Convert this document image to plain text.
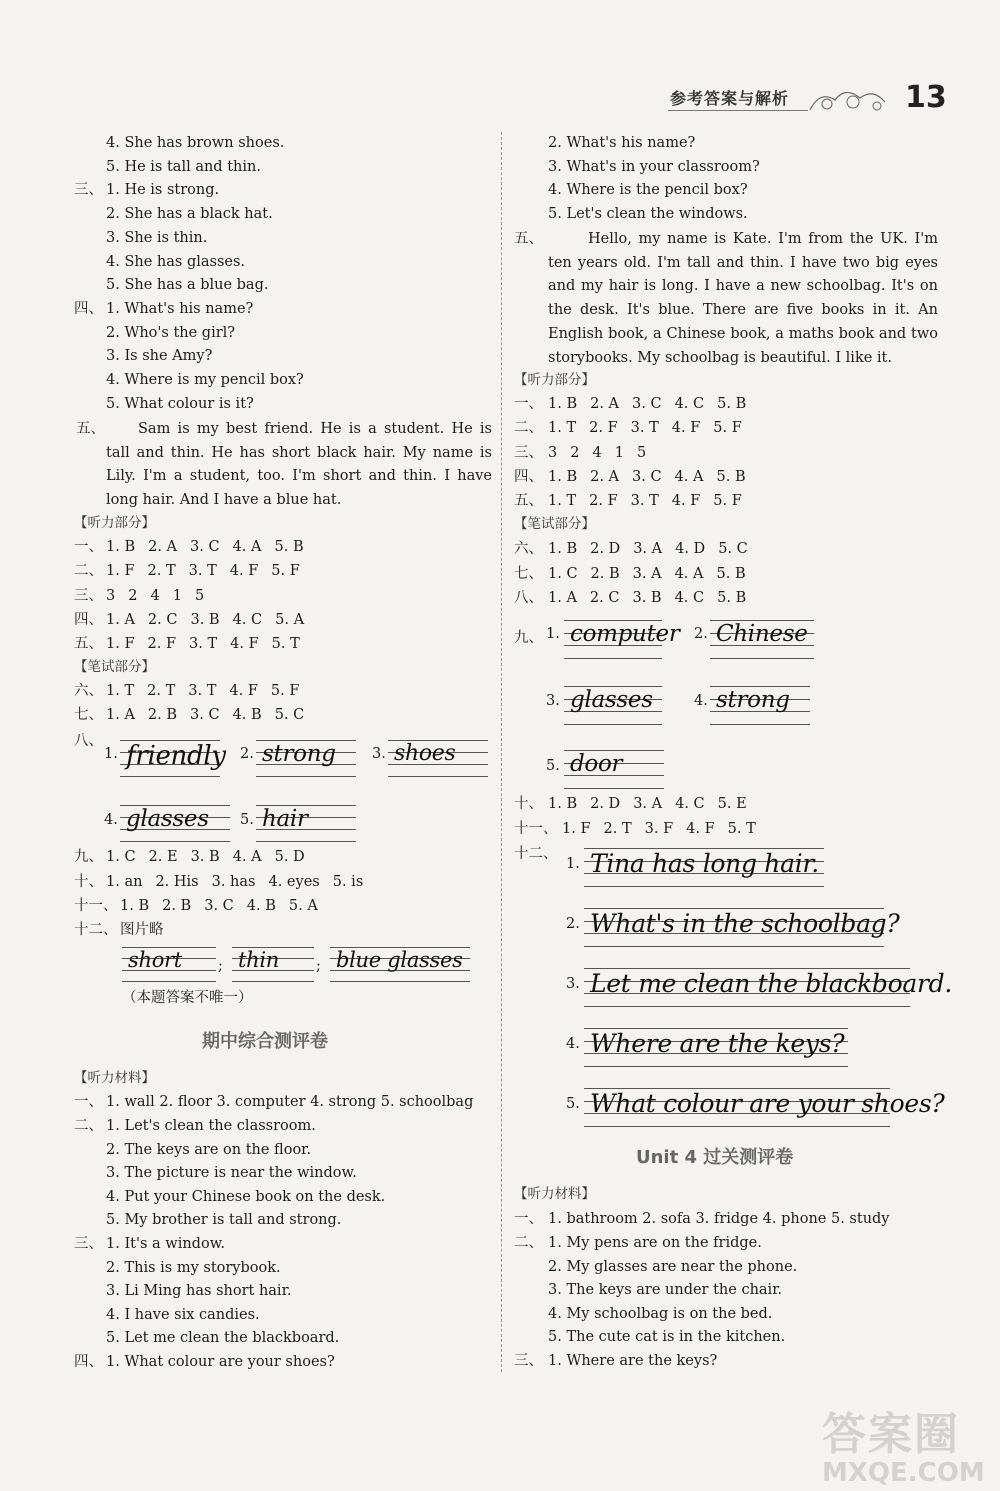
参考答案与解析	13
4. She has brown shoes.
5. He is tall and thin.
三、 1. He is strong.
2. She has a black hat.
3. She is thin.
4. She has glasses.
5. She has a blue bag.
四、 1. What's his name?
2. Who's the girl?
3. Is she Amy?
4. Where is my pencil box?
5. What colour is it?
五、	Sam is my best friend. He is a student. He is tall and thin. He has short black hair. My name is Lily. I'm a student, too. I'm short and thin. I have long hair. And I have a blue hat.
【听力部分】
一、 1. B 2. A 3. C 4. A 5. B
二、 1. F 2. T 3. T 4. F 5. F
三、 3 2 4 1 5
四、 1. A 2. C 3. B 4. C 5. A
五、 1. F 2. F 3. T 4. F 5. T
【笔试部分】
六、 1. T 2. T 3. T 4. F 5. F
七、 1. A 2. B 3. C 4. B 5. C
八、
1. friendly 2. strong	3. shoes
4. glasses	5. hair
九、 1. C 2. E 3. B 4. A 5. D
十、 1. an 2. His 3. has 4. eyes 5. is
十一、 1. B 2. B 3. C 4. B 5. A
十二、 图片略
short	; thin	; blue glasses
（本题答案不唯一）
期中综合测评卷
【听力材料】
一、 1. wall 2. floor 3. computer 4. strong 5. schoolbag
二、 1. Let's clean the classroom.
2. The keys are on the floor.
3. The picture is near the window.
4. Put your Chinese book on the desk.
5. My brother is tall and strong.
三、 1. It's a window.
2. This is my storybook.
3. Li Ming has short hair.
4. I have six candies.
5. Let me clean the blackboard.
四、 1. What colour are your shoes?
2. What's his name?
3. What's in your classroom?
4. Where is the pencil box?
5. Let's clean the windows.
五、	Hello, my name is Kate. I'm from the UK. I'm ten years old. I'm tall and thin. I have two big eyes and my hair is long. I have a new schoolbag. It's on the desk. It's blue. There are five books in it. An English book, a Chinese book, a maths book and two storybooks. My schoolbag is beautiful. I like it.
【听力部分】
一、 1. B 2. A 3. C 4. C 5. B
二、 1. T 2. F 3. T 4. F 5. F
三、 3 2 4 1 5
四、 1. B 2. A 3. C 4. A 5. B
五、 1. T 2. F 3. T 4. F 5. F
【笔试部分】
六、 1. B 2. D 3. A 4. D 5. C
七、 1. C 2. B 3. A 4. A 5. B
八、 1. A 2. C 3. B 4. C 5. B
九、 1. computer 2. Chinese
3. glasses	4. strong
5. door
十、 1. B 2. D 3. A 4. C 5. E
十一、 1. F 2. T 3. F 4. F 5. T
十二、
1. Tina has long hair.
2. What's in the schoolbag?
3. Let me clean the blackboard.
4. Where are the keys?
5. What colour are your shoes?
Unit 4 过关测评卷
【听力材料】
一、 1. bathroom 2. sofa 3. fridge 4. phone 5. study
二、 1. My pens are on the fridge.
2. My glasses are near the phone.
3. The keys are under the chair.
4. My schoolbag is on the bed.
5. The cute cat is in the kitchen.
三、 1. Where are the keys?
答案圈
MXQE.COM
